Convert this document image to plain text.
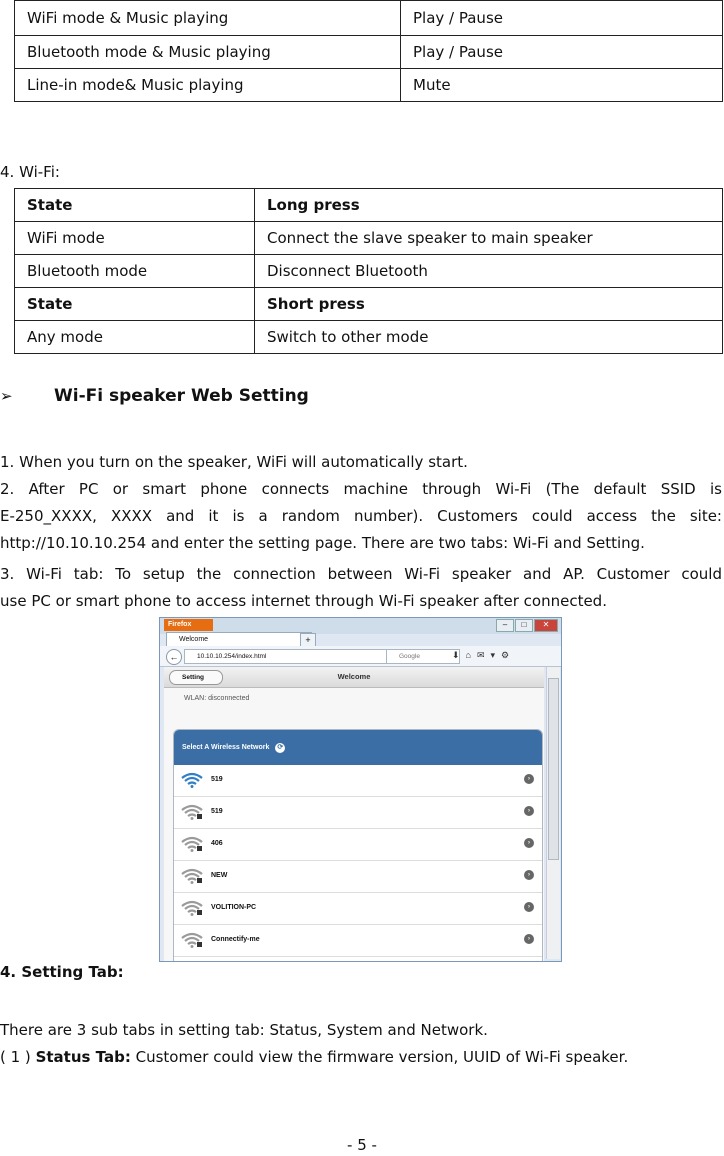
WiFi mode & Music playing	Play / Pause
Bluetooth mode & Music playing	Play / Pause
Line-in mode& Music playing	Mute
4. Wi-Fi:
State	Long press
WiFi mode	Connect the slave speaker to main speaker
Bluetooth mode	Disconnect Bluetooth
State	Short press
Any mode	Switch to other mode
➢ Wi-Fi speaker Web Setting
1. When you turn on the speaker, WiFi will automatically start.
2. After PC or smart phone connects machine through Wi-Fi (The default SSID is
E-250_XXXX, XXXX and it is a random number). Customers could access the site:
http://10.10.10.254 and enter the setting page. There are two tabs: Wi-Fi and Setting.
3. Wi-Fi tab: To setup the connection between Wi-Fi speaker and AP. Customer could
use PC or smart phone to access internet through Wi-Fi speaker after connected.
Firefox	–	□	✕
Welcome	+
←	10.10.10.254/index.html	Google	⬇⌂✉▾⚙
Welcome
Setting
WLAN: disconnected
Select A Wireless Network ⟳
519	›
519	›
406	›
NEW	›
VOLITION-PC	›
Connectify-me	›
4. Setting Tab:
There are 3 sub tabs in setting tab: Status, System and Network.
( 1 ) Status Tab: Customer could view the firmware version, UUID of Wi-Fi speaker.
- 5 -
